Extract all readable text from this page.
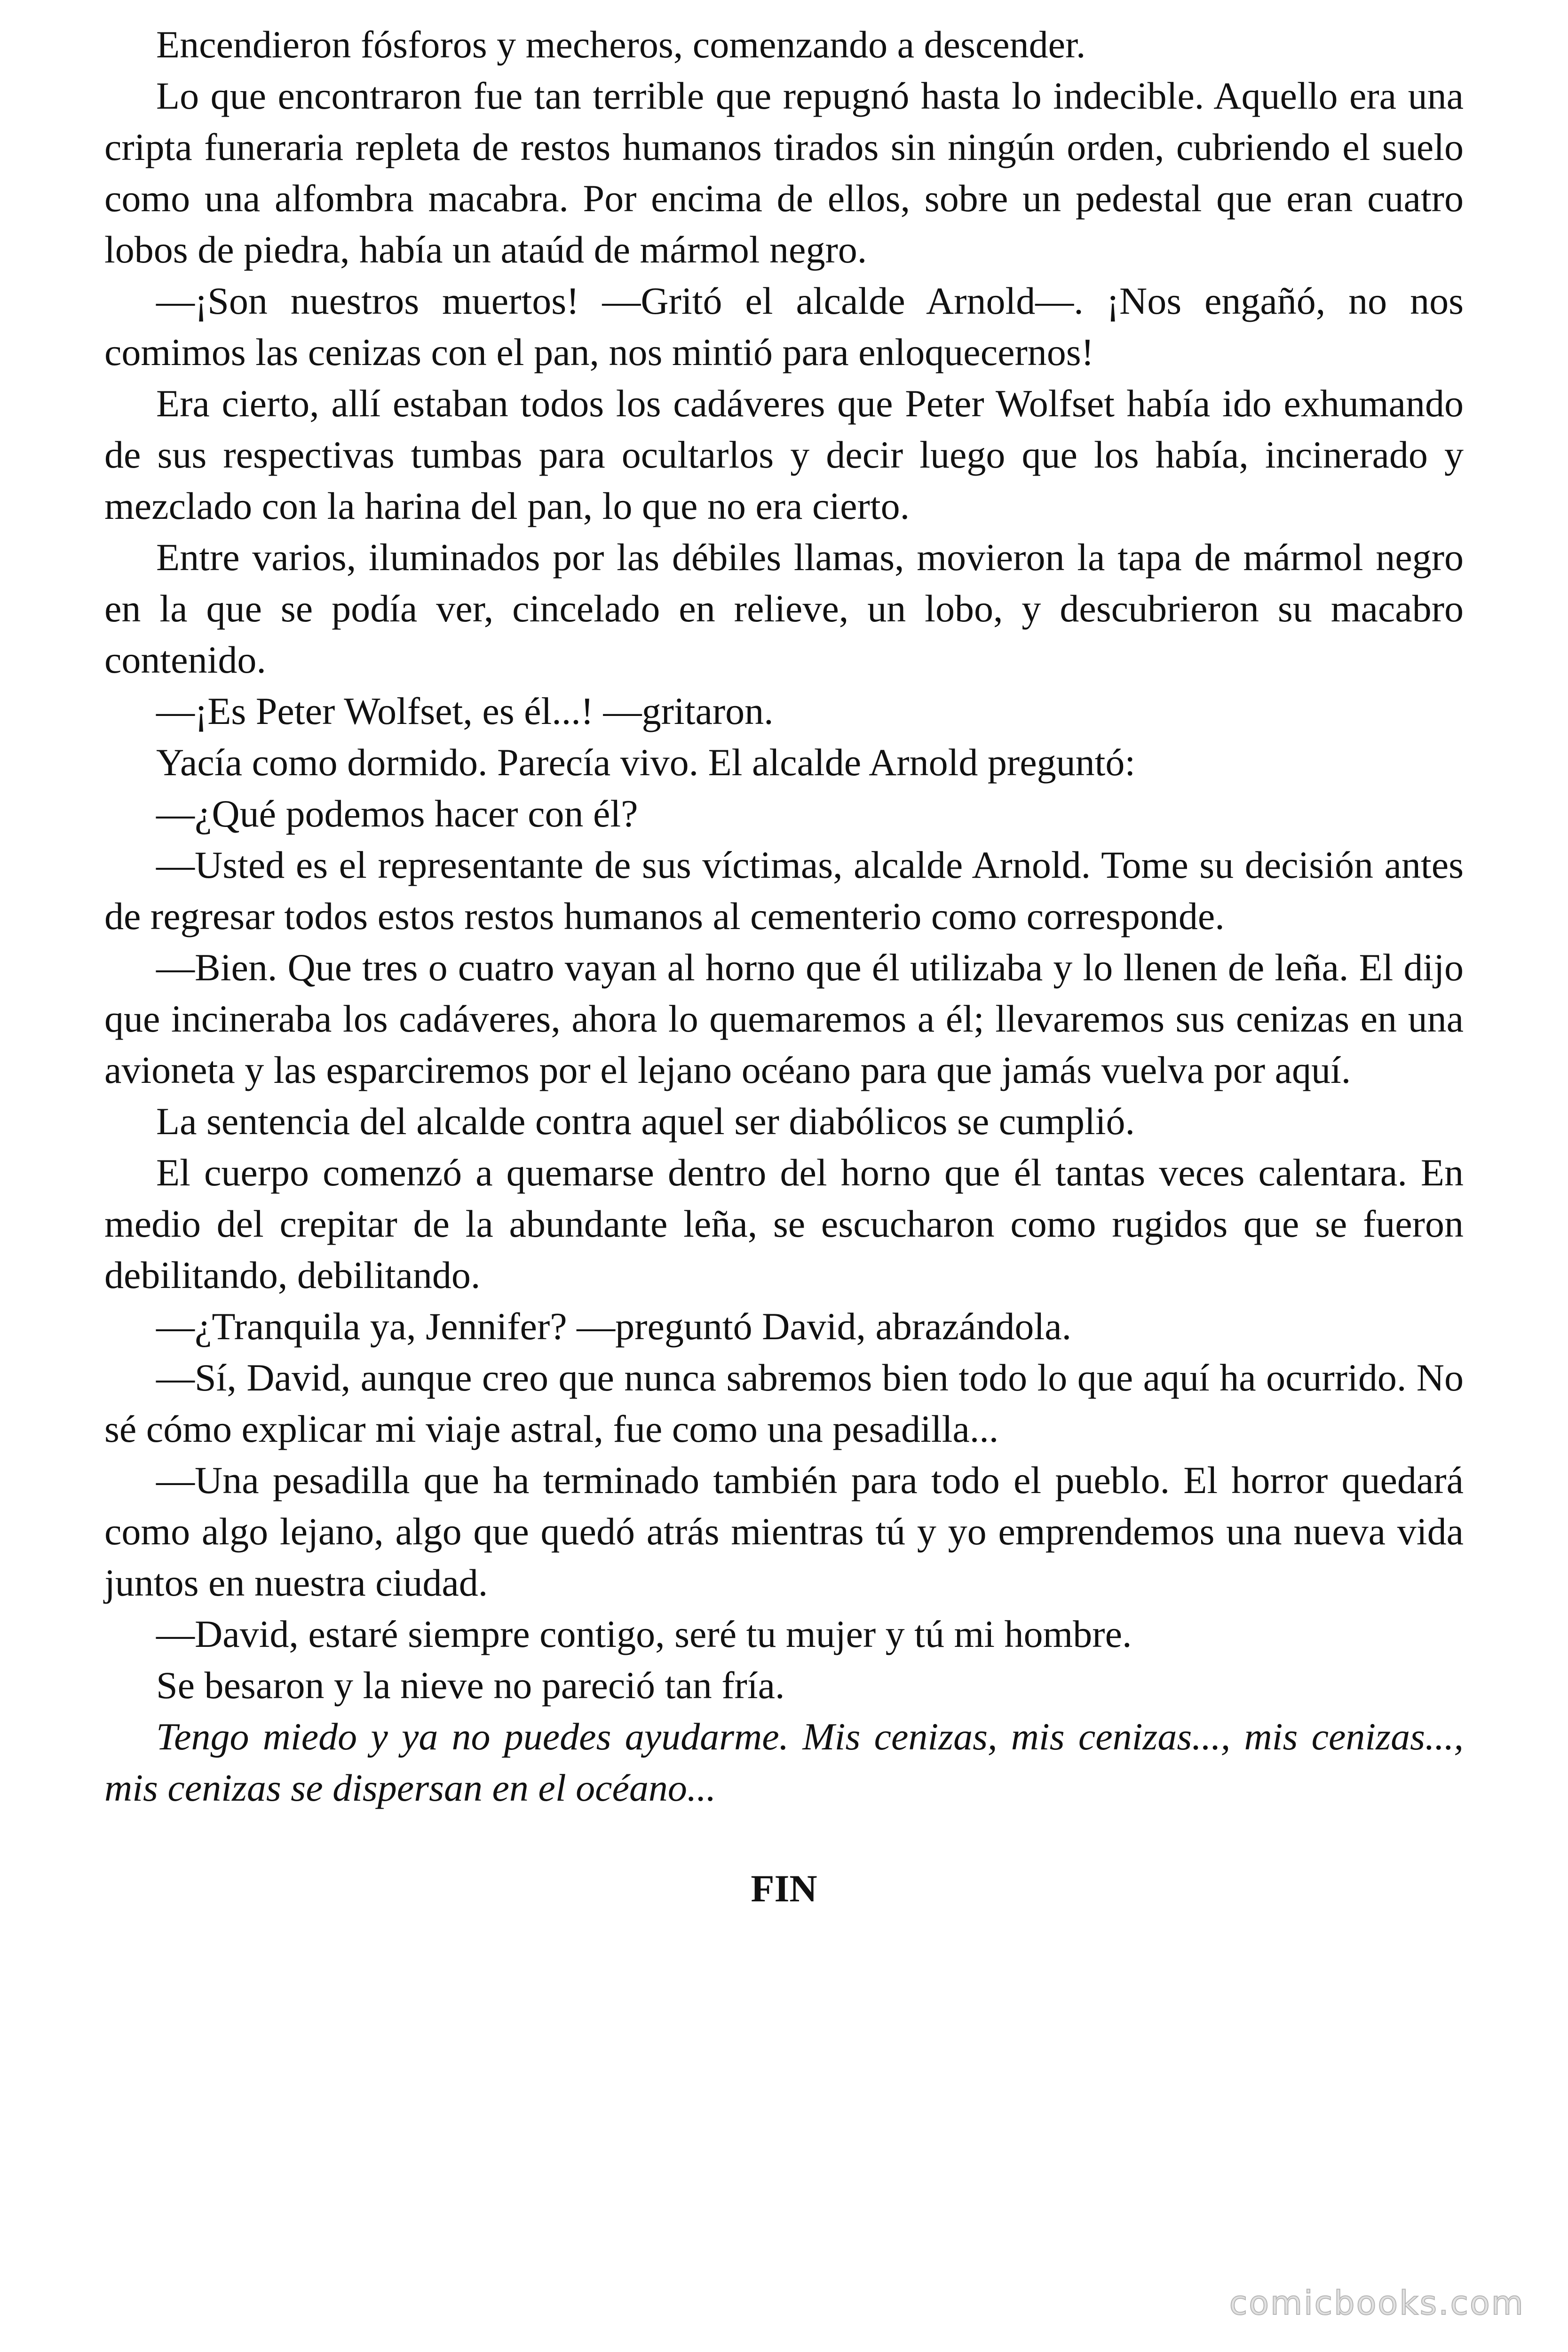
Encendieron fósforos y mecheros, comenzando a descender.

Lo que encontraron fue tan terrible que repugnó hasta lo indecible. Aquello era una cripta funeraria repleta de restos humanos tirados sin ningún orden, cubriendo el suelo como una alfombra macabra. Por encima de ellos, sobre un pedestal que eran cuatro lobos de piedra, había un ataúd de mármol negro.

—¡Son nuestros muertos! —Gritó el alcalde Arnold—. ¡Nos engañó, no nos comimos las cenizas con el pan, nos mintió para enloquecernos!

Era cierto, allí estaban todos los cadáveres que Peter Wolfset había ido exhumando de sus respectivas tumbas para ocultarlos y decir luego que los había, incinerado y mezclado con la harina del pan, lo que no era cierto.

Entre varios, iluminados por las débiles llamas, movieron la tapa de mármol negro en la que se podía ver, cincelado en relieve, un lobo, y descubrieron su macabro contenido.

—¡Es Peter Wolfset, es él...! —gritaron.

Yacía como dormido. Parecía vivo. El alcalde Arnold preguntó:

—¿Qué podemos hacer con él?

—Usted es el representante de sus víctimas, alcalde Arnold. Tome su decisión antes de regresar todos estos restos humanos al cementerio como corresponde.

—Bien. Que tres o cuatro vayan al horno que él utilizaba y lo llenen de leña. El dijo que incineraba los cadáveres, ahora lo quemaremos a él; llevaremos sus cenizas en una avioneta y las esparciremos por el lejano océano para que jamás vuelva por aquí.

La sentencia del alcalde contra aquel ser diabólicos se cumplió.

El cuerpo comenzó a quemarse dentro del horno que él tantas veces calentara. En medio del crepitar de la abundante leña, se escucharon como rugidos que se fueron debilitando, debilitando.

—¿Tranquila ya, Jennifer? —preguntó David, abrazándola.

—Sí, David, aunque creo que nunca sabremos bien todo lo que aquí ha ocurrido. No sé cómo explicar mi viaje astral, fue como una pesadilla...

—Una pesadilla que ha terminado también para todo el pueblo. El horror quedará como algo lejano, algo que quedó atrás mientras tú y yo emprendemos una nueva vida juntos en nuestra ciudad.

—David, estaré siempre contigo, seré tu mujer y tú mi hombre.

Se besaron y la nieve no pareció tan fría.

Tengo miedo y ya no puedes ayudarme. Mis cenizas, mis cenizas..., mis cenizas..., mis cenizas se dispersan en el océano...

FIN

comicbooks.com
